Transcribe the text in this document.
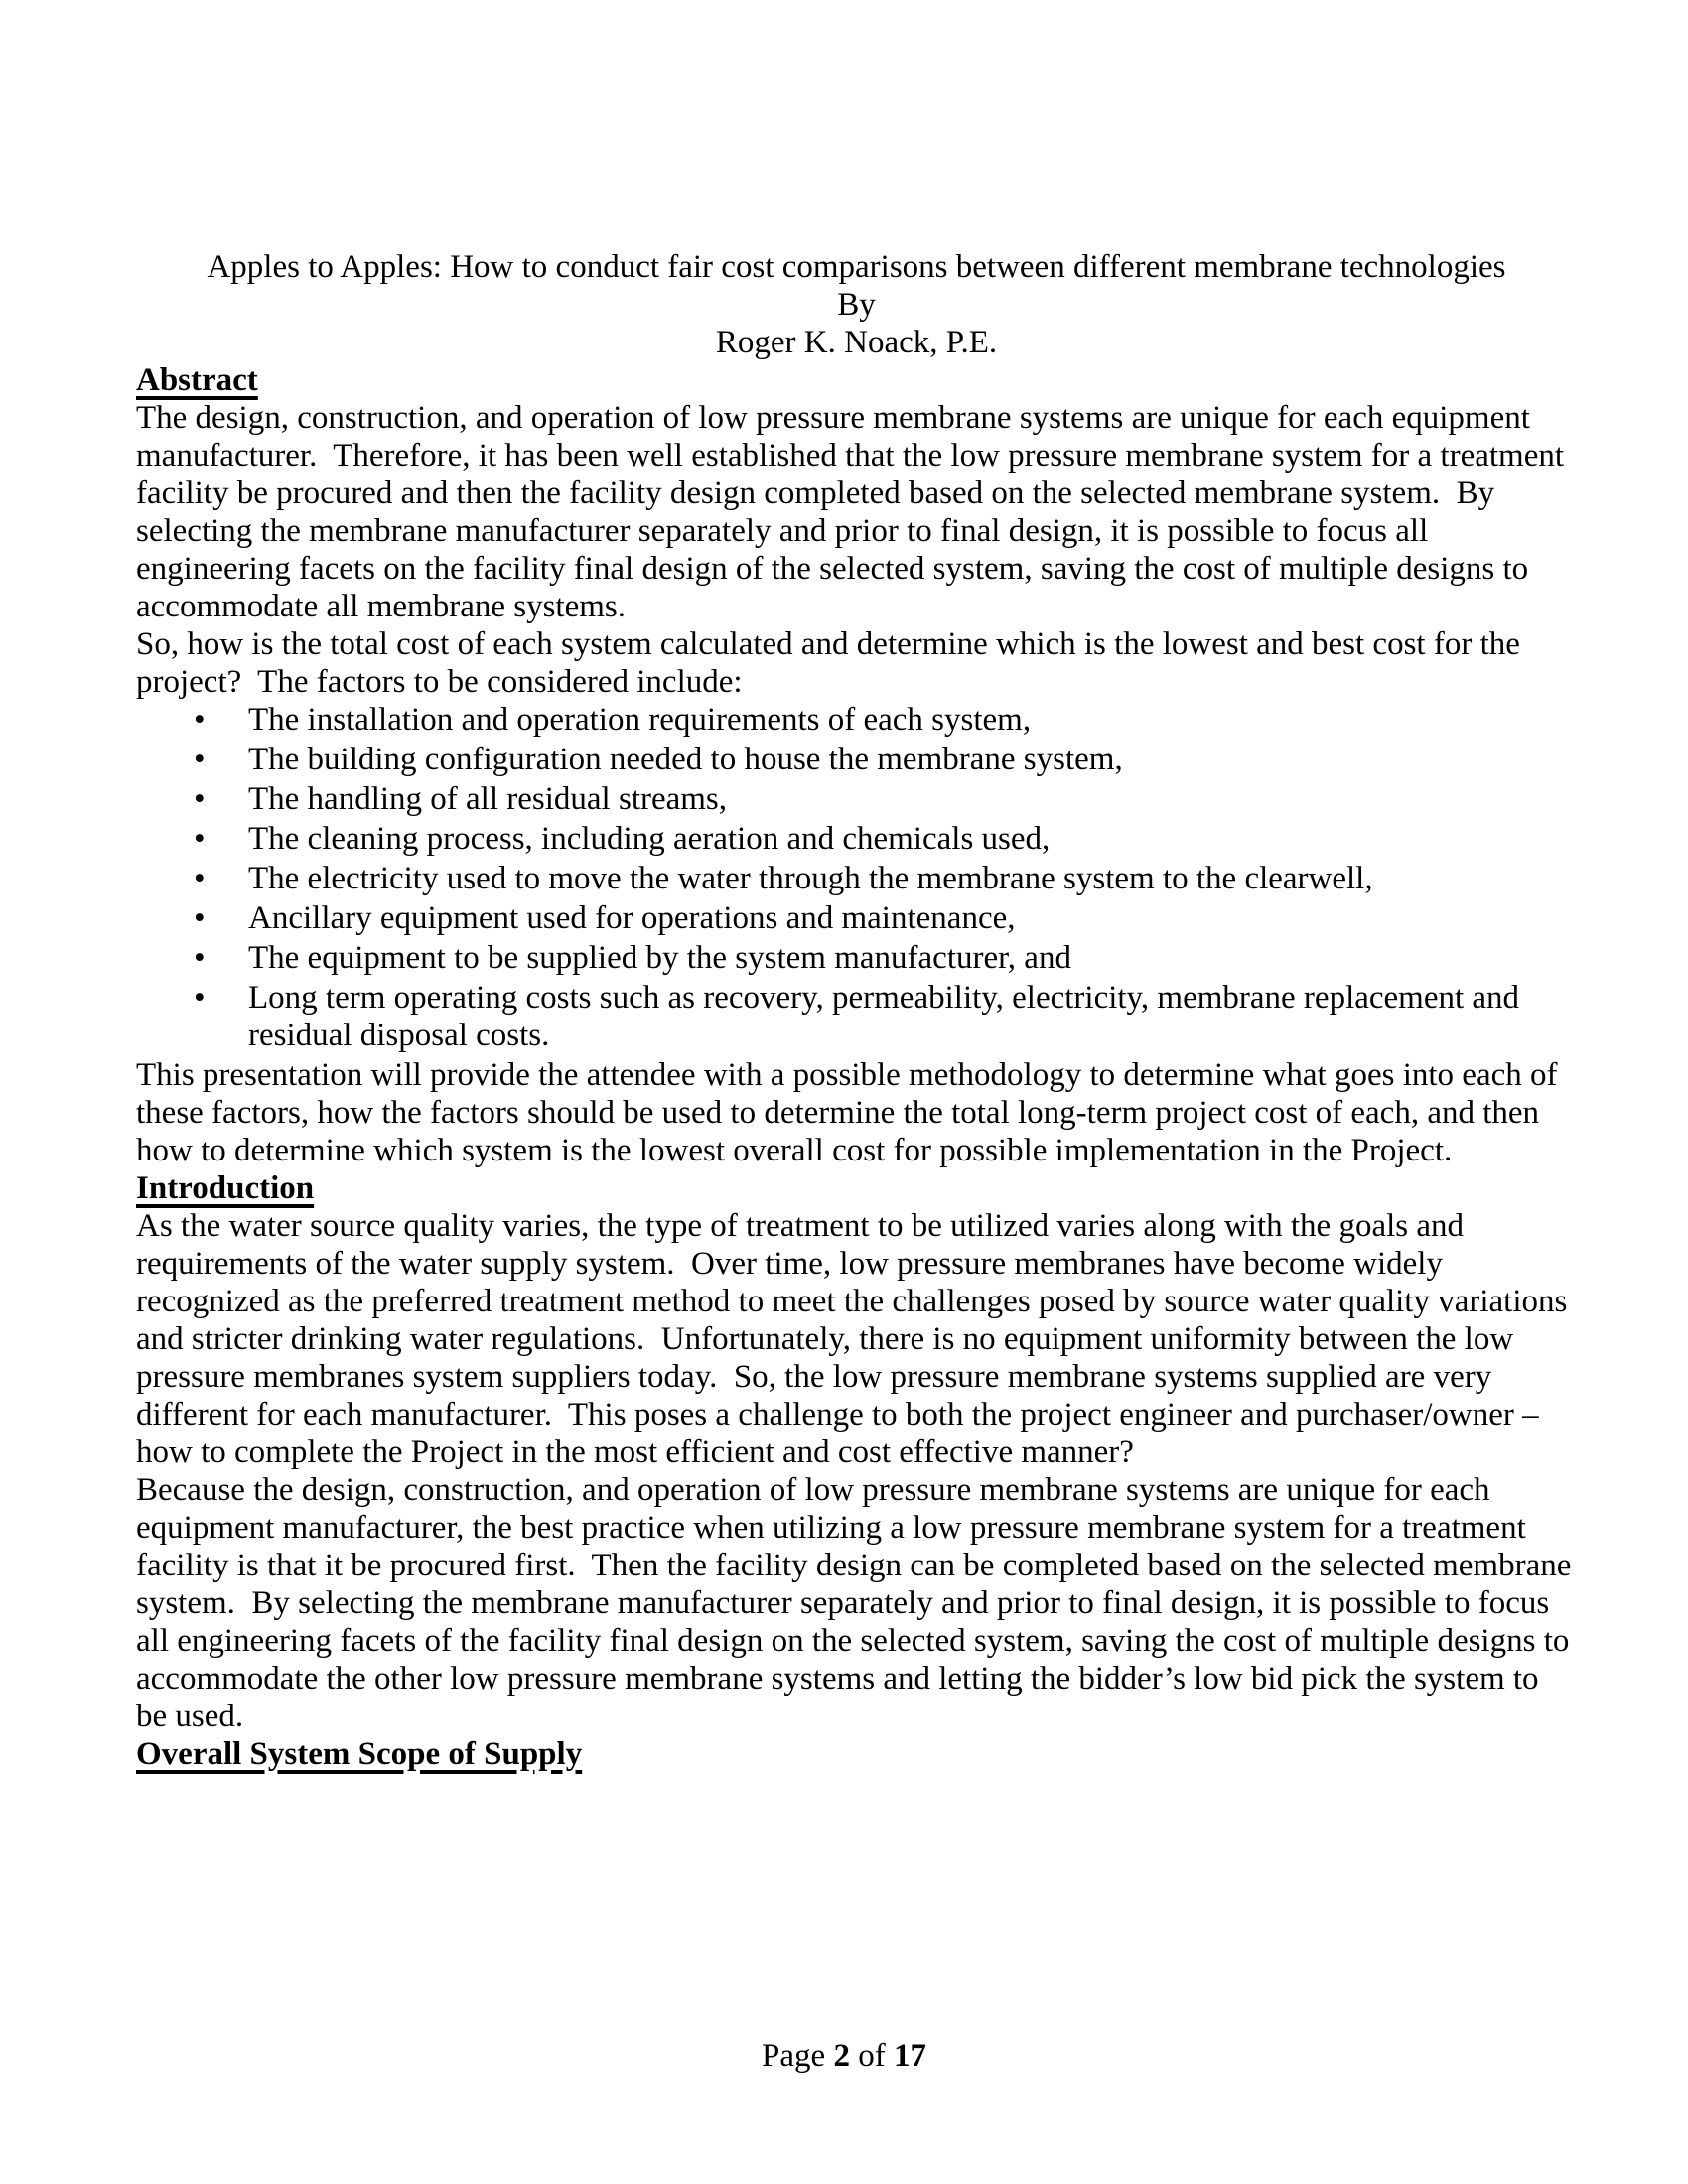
Apples to Apples: How to conduct fair cost comparisons between different membrane technologies
By
Roger K. Noack, P.E.
Abstract

The design, construction, and operation of low pressure membrane systems are unique for each equipment manufacturer.  Therefore, it has been well established that the low pressure membrane system for a treatment facility be procured and then the facility design completed based on the selected membrane system.  By selecting the membrane manufacturer separately and prior to final design, it is possible to focus all engineering facets on the facility final design of the selected system, saving the cost of multiple designs to accommodate all membrane systems.

So, how is the total cost of each system calculated and determine which is the lowest and best cost for the project?  The factors to be considered include:

• The installation and operation requirements of each system,
• The building configuration needed to house the membrane system,
• The handling of all residual streams,
• The cleaning process, including aeration and chemicals used,
• The electricity used to move the water through the membrane system to the clearwell,
• Ancillary equipment used for operations and maintenance,
• The equipment to be supplied by the system manufacturer, and
• Long term operating costs such as recovery, permeability, electricity, membrane replacement and residual disposal costs.

This presentation will provide the attendee with a possible methodology to determine what goes into each of these factors, how the factors should be used to determine the total long-term project cost of each, and then how to determine which system is the lowest overall cost for possible implementation in the Project.

Introduction

As the water source quality varies, the type of treatment to be utilized varies along with the goals and requirements of the water supply system.  Over time, low pressure membranes have become widely recognized as the preferred treatment method to meet the challenges posed by source water quality variations and stricter drinking water regulations.  Unfortunately, there is no equipment uniformity between the low pressure membranes system suppliers today.  So, the low pressure membrane systems supplied are very different for each manufacturer.  This poses a challenge to both the project engineer and purchaser/owner – how to complete the Project in the most efficient and cost effective manner?

Because the design, construction, and operation of low pressure membrane systems are unique for each equipment manufacturer, the best practice when utilizing a low pressure membrane system for a treatment facility is that it be procured first.  Then the facility design can be completed based on the selected membrane system.  By selecting the membrane manufacturer separately and prior to final design, it is possible to focus all engineering facets of the facility final design on the selected system, saving the cost of multiple designs to accommodate the other low pressure membrane systems and letting the bidder’s low bid pick the system to be used.

Overall System Scope of Supply
Page 2 of 17
